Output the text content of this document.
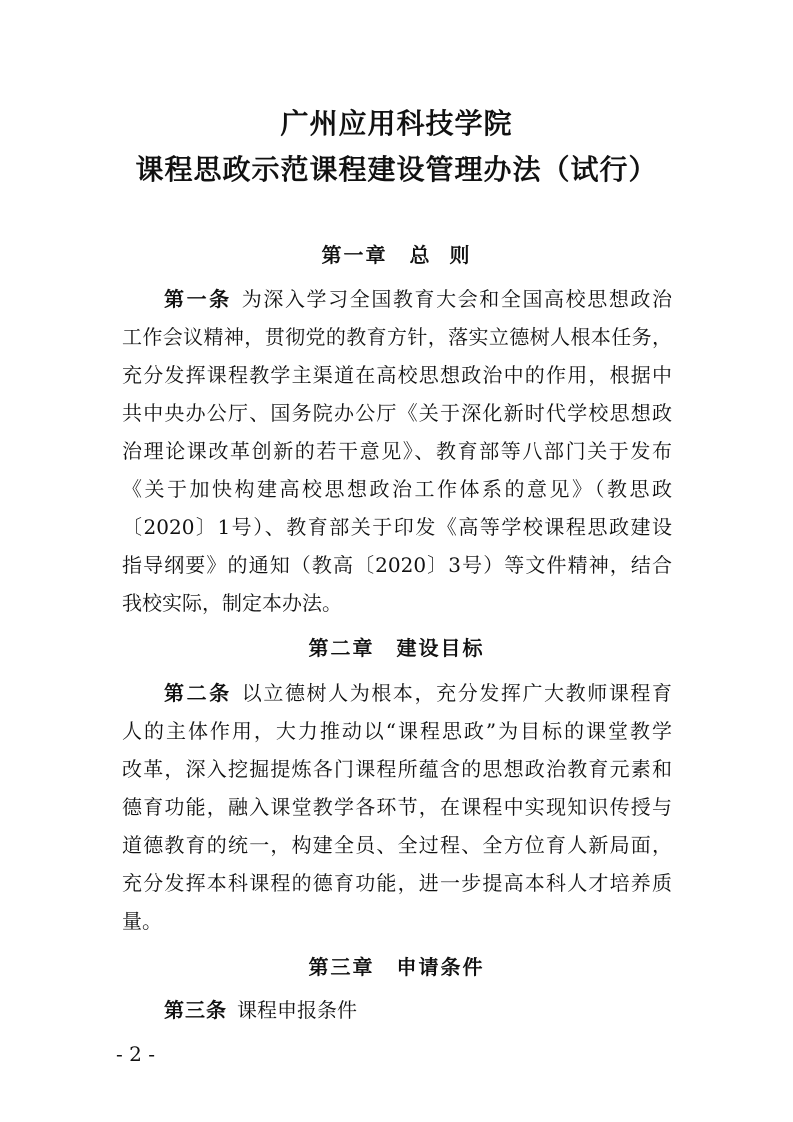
广州应用科技学院
课程思政示范课程建设管理办法（试行）
第一章　总  则
第一条 为深入学习全国教育大会和全国高校思想政治
工作会议精神，贯彻党的教育方针，落实立德树人根本任务，
充分发挥课程教学主渠道在高校思想政治中的作用，根据中
共中央办公厅、国务院办公厅《关于深化新时代学校思想政
治理论课改革创新的若干意见》、教育部等八部门关于发布
《关于加快构建高校思想政治工作体系的意见》（教思政
〔2020〕1号）、教育部关于印发《高等学校课程思政建设
指导纲要》的通知（教高〔2020〕3号）等文件精神，结合
我校实际，制定本办法。
第二章　建设目标
第二条 以立德树人为根本，充分发挥广大教师课程育
人的主体作用，大力推动以“课程思政”为目标的课堂教学
改革，深入挖掘提炼各门课程所蕴含的思想政治教育元素和
德育功能，融入课堂教学各环节，在课程中实现知识传授与
道德教育的统一，构建全员、全过程、全方位育人新局面，
充分发挥本科课程的德育功能，进一步提高本科人才培养质
量。
第三章　申请条件
第三条 课程申报条件
- 2 -
